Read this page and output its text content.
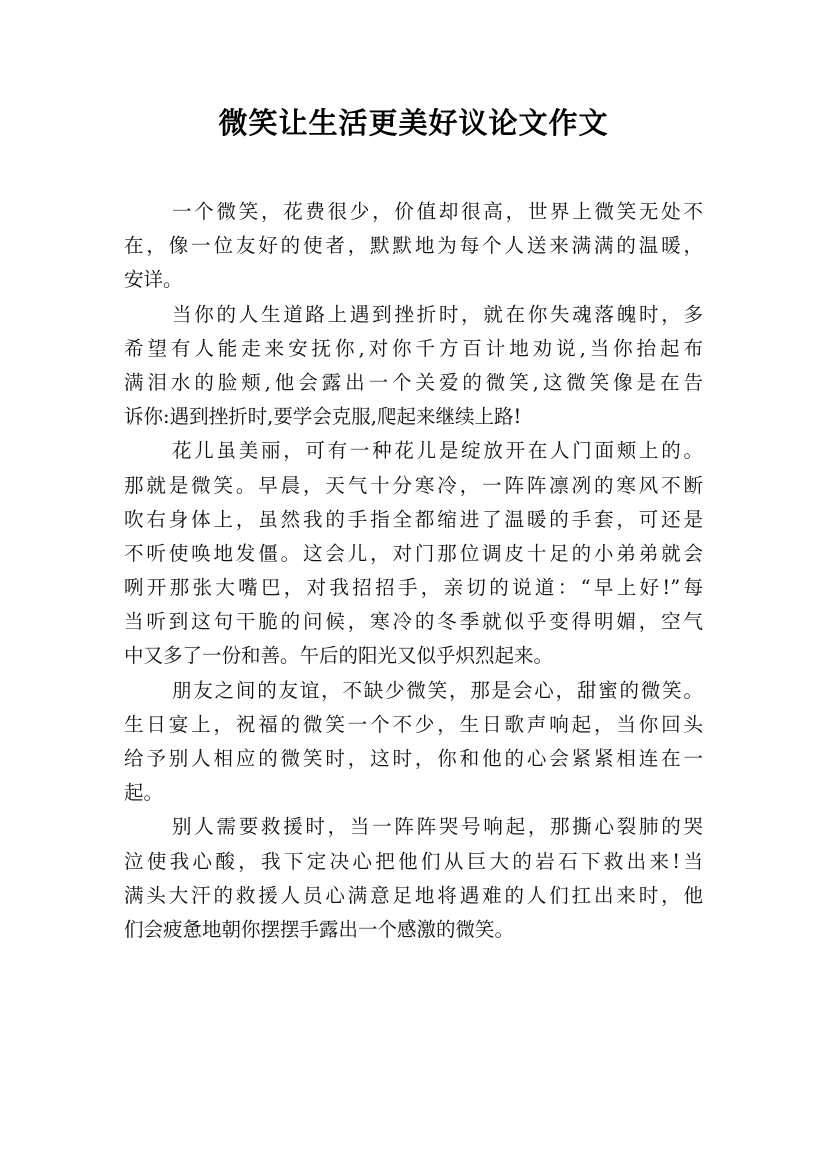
微笑让生活更美好议论文作文
一个微笑，花费很少，价值却很高，世界上微笑无处不
在，像一位友好的使者，默默地为每个人送来满满的温暖，
安详。
当你的人生道路上遇到挫折时，就在你失魂落魄时，多
希望有人能走来安抚你,对你千方百计地劝说,当你抬起布
满泪水的脸颊,他会露出一个关爱的微笑,这微笑像是在告
诉你:遇到挫折时,要学会克服,爬起来继续上路!
花儿虽美丽，可有一种花儿是绽放开在人门面颊上的。
那就是微笑。早晨，天气十分寒冷，一阵阵凛冽的寒风不断
吹右身体上，虽然我的手指全都缩进了温暖的手套，可还是
不听使唤地发僵。这会儿，对门那位调皮十足的小弟弟就会
咧开那张大嘴巴，对我招招手，亲切的说道：“早上好!”每
当听到这句干脆的问候，寒冷的冬季就似乎变得明媚，空气
中又多了一份和善。午后的阳光又似乎炽烈起来。
朋友之间的友谊，不缺少微笑，那是会心，甜蜜的微笑。
生日宴上，祝福的微笑一个不少，生日歌声响起，当你回头
给予别人相应的微笑时，这时，你和他的心会紧紧相连在一
起。
别人需要救援时，当一阵阵哭号响起，那撕心裂肺的哭
泣使我心酸，我下定决心把他们从巨大的岩石下救出来!当
满头大汗的救援人员心满意足地将遇难的人们扛出来时，他
们会疲惫地朝你摆摆手露出一个感激的微笑。
